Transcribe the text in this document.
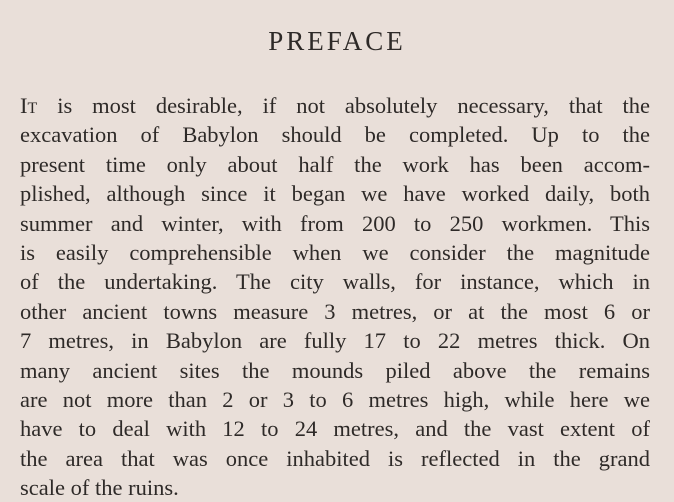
PREFACE
It is most desirable, if not absolutely necessary, that the
excavation of Babylon should be completed. Up to the
present time only about half the work has been accom-
plished, although since it began we have worked daily, both
summer and winter, with from 200 to 250 workmen. This
is easily comprehensible when we consider the magnitude
of the undertaking. The city walls, for instance, which in
other ancient towns measure 3 metres, or at the most 6 or
7 metres, in Babylon are fully 17 to 22 metres thick. On
many ancient sites the mounds piled above the remains
are not more than 2 or 3 to 6 metres high, while here we
have to deal with 12 to 24 metres, and the vast extent of
the area that was once inhabited is reflected in the grand
scale of the ruins.
